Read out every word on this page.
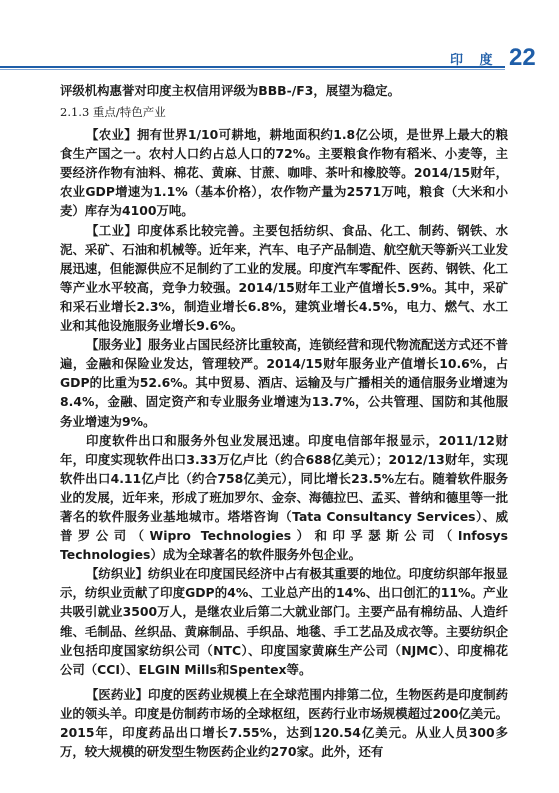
印 度 22

评级机构惠誉对印度主权信用评级为BBB-/F3，展望为稳定。

2.1.3 重点/特色产业

【农业】拥有世界1/10可耕地，耕地面积约1.8亿公顷，是世界上最大的粮食生产国之一。农村人口约占总人口的72%。主要粮食作物有稻米、小麦等，主要经济作物有油料、棉花、黄麻、甘蔗、咖啡、茶叶和橡胶等。2014/15财年，农业GDP增速为1.1%（基本价格），农作物产量为2571万吨，粮食（大米和小麦）库存为4100万吨。

【工业】印度体系比较完善。主要包括纺织、食品、化工、制药、钢铁、水泥、采矿、石油和机械等。近年来，汽车、电子产品制造、航空航天等新兴工业发展迅速，但能源供应不足制约了工业的发展。印度汽车零配件、医药、钢铁、化工等产业水平较高，竞争力较强。2014/15财年工业产值增长5.9%。其中，采矿和采石业增长2.3%，制造业增长6.8%，建筑业增长4.5%，电力、燃气、水工业和其他设施服务业增长9.6%。

【服务业】服务业占国民经济比重较高，连锁经营和现代物流配送方式还不普遍，金融和保险业发达，管理较严。2014/15财年服务业产值增长10.6%，占GDP的比重为52.6%。其中贸易、酒店、运输及与广播相关的通信服务业增速为8.4%，金融、固定资产和专业服务业增速为13.7%，公共管理、国防和其他服务业增速为9%。

印度软件出口和服务外包业发展迅速。印度电信部年报显示，2011/12财年，印度实现软件出口3.33万亿卢比（约合688亿美元）；2012/13财年，实现软件出口4.11亿卢比（约合758亿美元），同比增长23.5%左右。随着软件服务业的发展，近年来，形成了班加罗尔、金奈、海德拉巴、孟买、普纳和德里等一批著名的软件服务业基地城市。塔塔咨询（Tata Consultancy Services）、威普罗公司（Wipro Technologies）和印孚瑟斯公司（Infosys Technologies）成为全球著名的软件服务外包企业。

【纺织业】纺织业在印度国民经济中占有极其重要的地位。印度纺织部年报显示，纺织业贡献了印度GDP的4%、工业总产出的14%、出口创汇的11%。产业共吸引就业3500万人，是继农业后第二大就业部门。主要产品有棉纺品、人造纤维、毛制品、丝织品、黄麻制品、手织品、地毯、手工艺品及成衣等。主要纺织企业包括印度国家纺织公司（NTC）、印度国家黄麻生产公司（NJMC）、印度棉花公司（CCI）、ELGIN Mills和Spentex等。

【医药业】印度的医药业规模上在全球范围内排第二位，生物医药是印度制药业的领头羊。印度是仿制药市场的全球枢纽，医药行业市场规模超过200亿美元。2015年，印度药品出口增长7.55%，达到120.54亿美元。从业人员300多万，较大规模的研发型生物医药企业约270家。此外，还有
